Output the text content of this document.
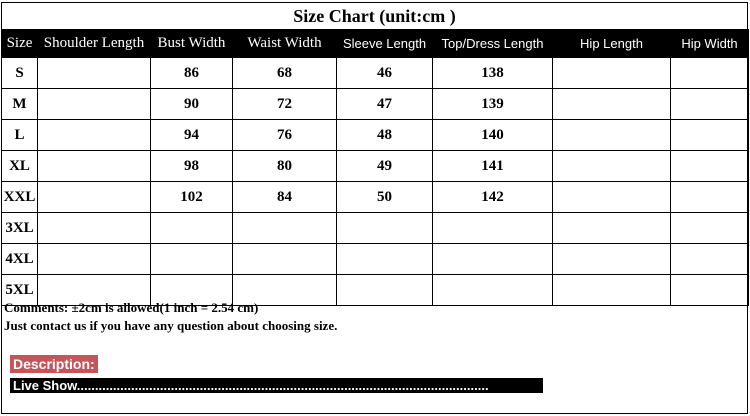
Size Chart (unit:cm )
Size	Shoulder Length	Bust Width	Waist Width	Sleeve Length	Top/Dress Length	Hip Length	Hip Width
S		86	68	46	138		
M		90	72	47	139		
L		94	76	48	140		
XL		98	80	49	141		
XXL		102	84	50	142		
3XL							
4XL							
5XL							
Comments: ±2cm is allowed(1 inch = 2.54 cm)
Just contact us if you have any question about choosing size.
Description:
Live Show..................................................................................................................
